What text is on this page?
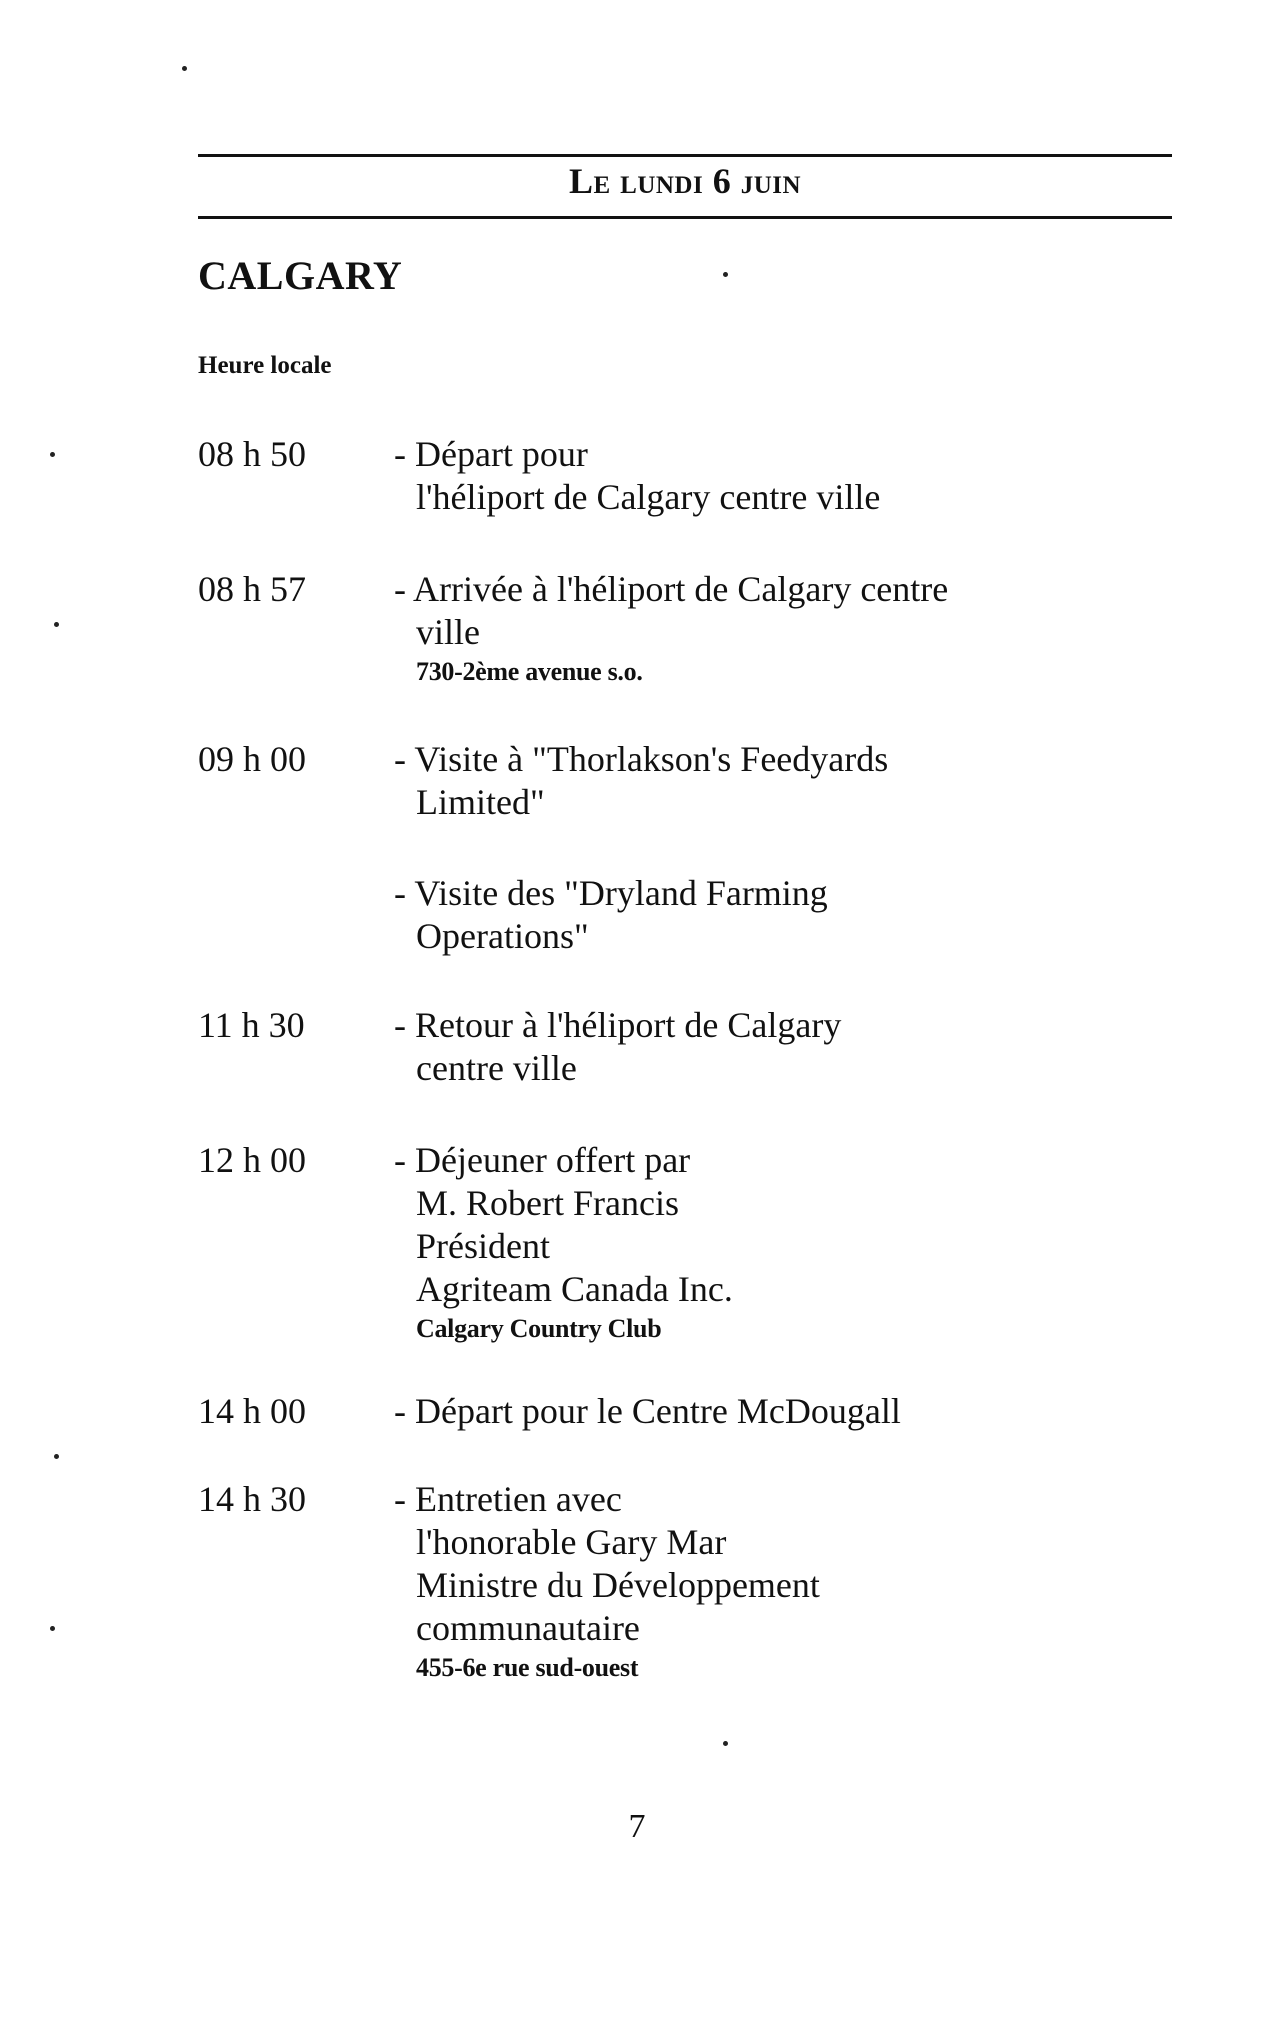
Le lundi 6 juin
CALGARY
Heure locale
08 h 50 - Départ pour
l'héliport de Calgary centre ville
08 h 57 - Arrivée à l'héliport de Calgary centre
ville
730-2ème avenue s.o.
09 h 00 - Visite à "Thorlakson's Feedyards
Limited"
- Visite des "Dryland Farming
Operations"
11 h 30 - Retour à l'héliport de Calgary
centre ville
12 h 00 - Déjeuner offert par
M. Robert Francis
Président
Agriteam Canada Inc.
Calgary Country Club
14 h 00 - Départ pour le Centre McDougall
14 h 30 - Entretien avec
l'honorable Gary Mar
Ministre du Développement
communautaire
455-6e rue sud-ouest
7
